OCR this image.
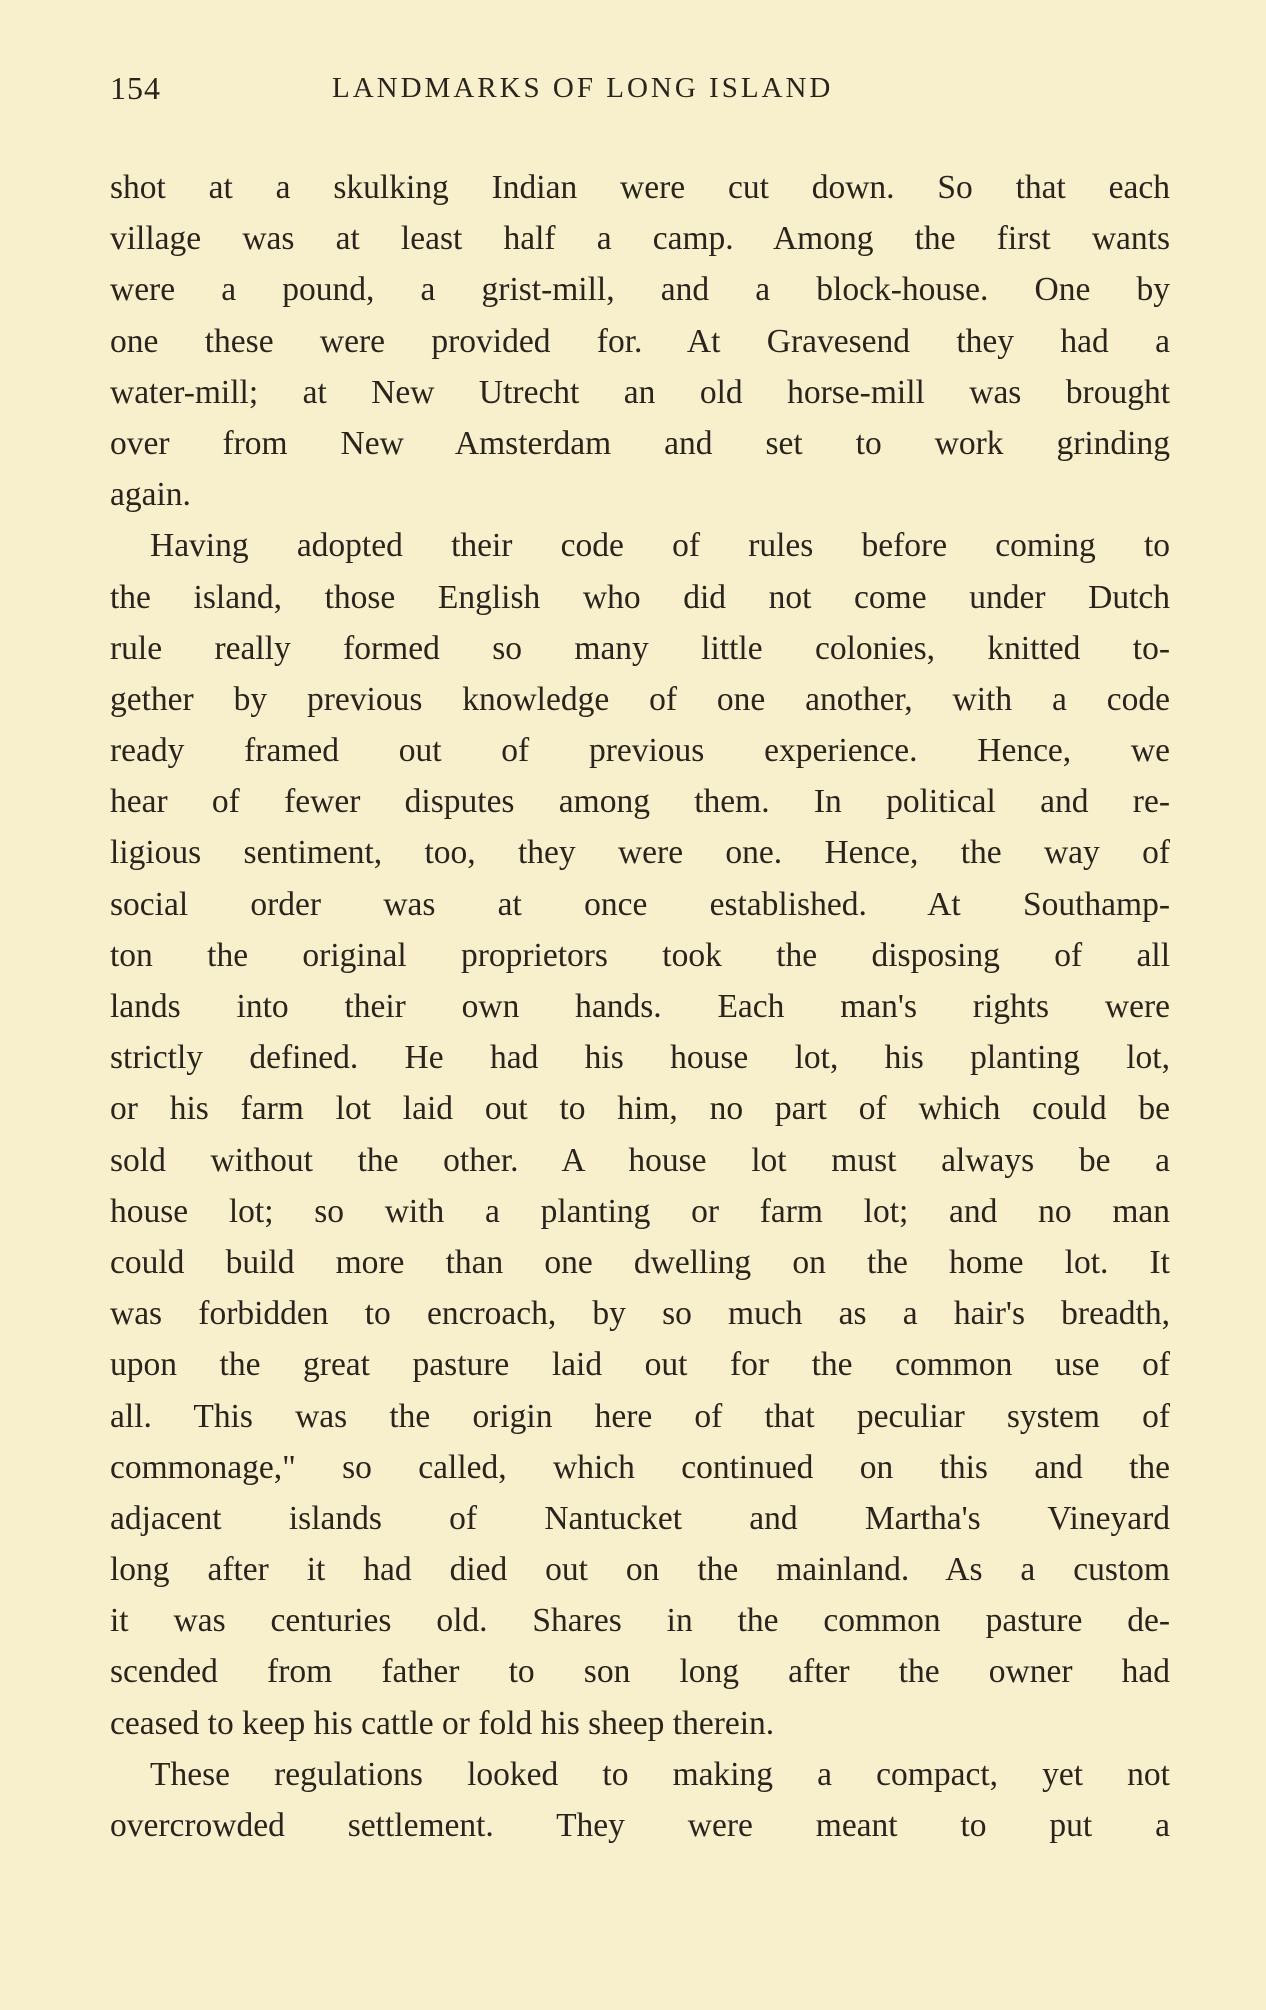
154	LANDMARKS OF LONG ISLAND
shot at a skulking Indian were cut down. So that each
village was at least half a camp. Among the first wants
were a pound, a grist-mill, and a block-house. One by
one these were provided for. At Gravesend they had a
water-mill; at New Utrecht an old horse-mill was brought
over from New Amsterdam and set to work grinding
again.
Having adopted their code of rules before coming to
the island, those English who did not come under Dutch
rule really formed so many little colonies, knitted to-
gether by previous knowledge of one another, with a code
ready framed out of previous experience. Hence, we
hear of fewer disputes among them. In political and re-
ligious sentiment, too, they were one. Hence, the way of
social order was at once established. At Southamp-
ton the original proprietors took the disposing of all
lands into their own hands. Each man's rights were
strictly defined. He had his house lot, his planting lot,
or his farm lot laid out to him, no part of which could be
sold without the other. A house lot must always be a
house lot; so with a planting or farm lot; and no man
could build more than one dwelling on the home lot. It
was forbidden to encroach, by so much as a hair's breadth,
upon the great pasture laid out for the common use of
all. This was the origin here of that peculiar system of
commonage," so called, which continued on this and the
adjacent islands of Nantucket and Martha's Vineyard
long after it had died out on the mainland. As a custom
it was centuries old. Shares in the common pasture de-
scended from father to son long after the owner had
ceased to keep his cattle or fold his sheep therein.
These regulations looked to making a compact, yet not
overcrowded settlement. They were meant to put a
